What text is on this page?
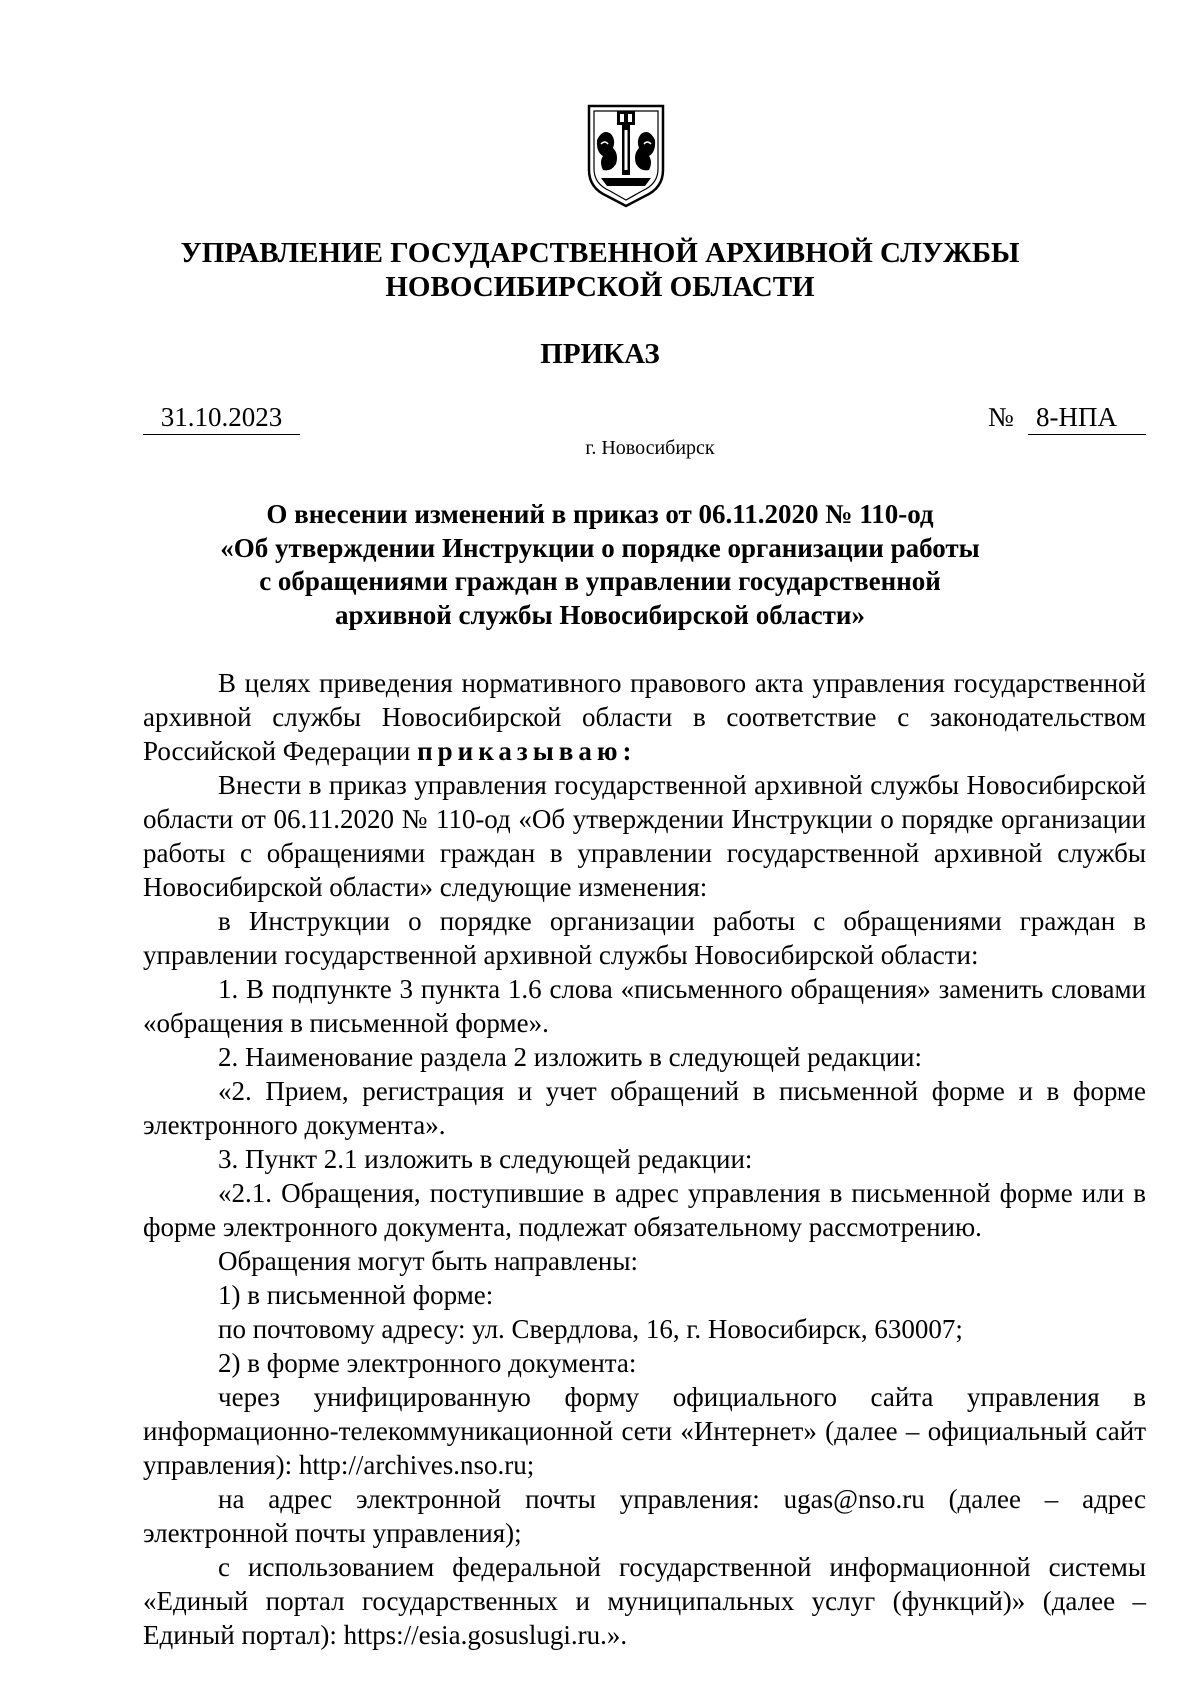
УПРАВЛЕНИЕ ГОСУДАРСТВЕННОЙ АРХИВНОЙ СЛУЖБЫ
НОВОСИБИРСКОЙ ОБЛАСТИ
ПРИКАЗ
31.10.2023	№ 8-НПА
г. Новосибирск
О внесении изменений в приказ от 06.11.2020 № 110-од
«Об утверждении Инструкции о порядке организации работы
с обращениями граждан в управлении государственной
архивной службы Новосибирской области»

В целях приведения нормативного правового акта управления государственной архивной службы Новосибирской области в соответствие с законодательством Российской Федерации приказываю:

Внести в приказ управления государственной архивной службы Новосибирской области от 06.11.2020 № 110-од «Об утверждении Инструкции о порядке организации работы с обращениями граждан в управлении государственной архивной службы Новосибирской области» следующие изменения:

в Инструкции о порядке организации работы с обращениями граждан в управлении государственной архивной службы Новосибирской области:

1. В подпункте 3 пункта 1.6 слова «письменного обращения» заменить словами «обращения в письменной форме».

2. Наименование раздела 2 изложить в следующей редакции:

«2. Прием, регистрация и учет обращений в письменной форме и в форме электронного документа».

3. Пункт 2.1 изложить в следующей редакции:

«2.1. Обращения, поступившие в адрес управления в письменной форме или в форме электронного документа, подлежат обязательному рассмотрению.

Обращения могут быть направлены:

1) в письменной форме:

по почтовому адресу: ул. Свердлова, 16, г. Новосибирск, 630007;

2) в форме электронного документа:

через унифицированную форму официального сайта управления в информационно-телекоммуникационной сети «Интернет» (далее – официальный сайт управления): http://archives.nso.ru;

на адрес электронной почты управления: ugas@nso.ru (далее – адрес электронной почты управления);

с использованием федеральной государственной информационной системы «Единый портал государственных и муниципальных услуг (функций)» (далее – Единый портал): https://esia.gosuslugi.ru.».
